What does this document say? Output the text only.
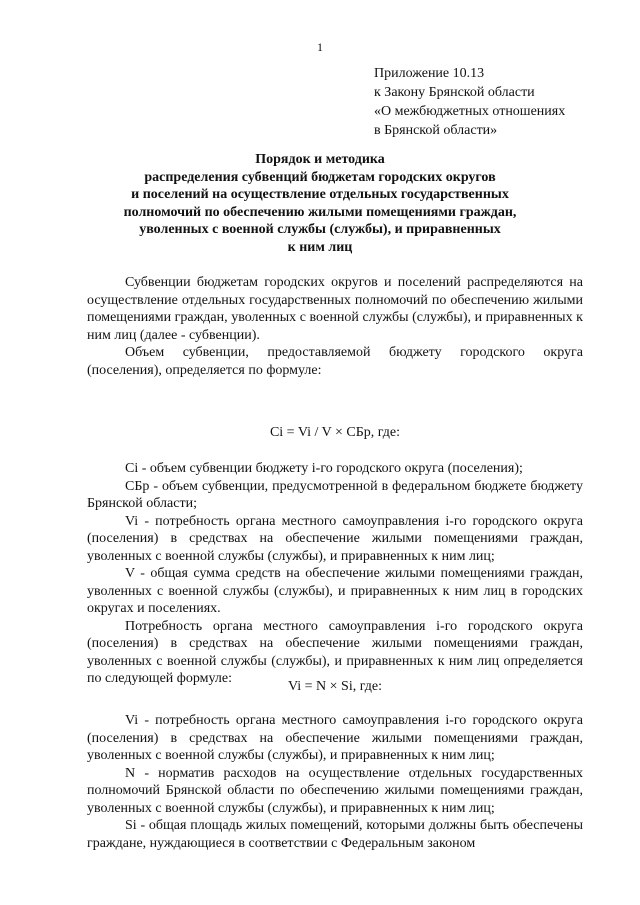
1
Приложение 10.13
к Закону Брянской области
«О межбюджетных отношениях
в Брянской области»
Порядок и методика
распределения субвенций бюджетам городских округов
и поселений на осуществление отдельных государственных
полномочий по обеспечению жилыми помещениями граждан,
уволенных с военной службы (службы), и приравненных
к ним лиц

Субвенции бюджетам городских округов и поселений распределяются на осуществление отдельных государственных полномочий по обеспечению жилыми помещениями граждан, уволенных с военной службы (службы), и приравненных к ним лиц (далее - субвенции).

Объем субвенции, предоставляемой бюджету городского округа (поселения), определяется по формуле:

Ci = Vi / V × СБр, где:

Ci - объем субвенции бюджету i-го городского округа (поселения);

СБр - объем субвенции, предусмотренной в федеральном бюджете бюджету Брянской области;

Vi - потребность органа местного самоуправления i-го городского округа (поселения) в средствах на обеспечение жилыми помещениями граждан, уволенных с военной службы (службы), и приравненных к ним лиц;

V - общая сумма средств на обеспечение жилыми помещениями граждан, уволенных с военной службы (службы), и приравненных к ним лиц в городских округах и поселениях.

Потребность органа местного самоуправления i-го городского округа (поселения) в средствах на обеспечение жилыми помещениями граждан, уволенных с военной службы (службы), и приравненных к ним лиц определяется по следующей формуле:

Vi = N × Si, где:

Vi - потребность органа местного самоуправления i-го городского округа (поселения) в средствах на обеспечение жилыми помещениями граждан, уволенных с военной службы (службы), и приравненных к ним лиц;

N - норматив расходов на осуществление отдельных государственных полномочий Брянской области по обеспечению жилыми помещениями граждан, уволенных с военной службы (службы), и приравненных к ним лиц;

Si - общая площадь жилых помещений, которыми должны быть обеспечены граждане, нуждающиеся в соответствии с Федеральным законом
